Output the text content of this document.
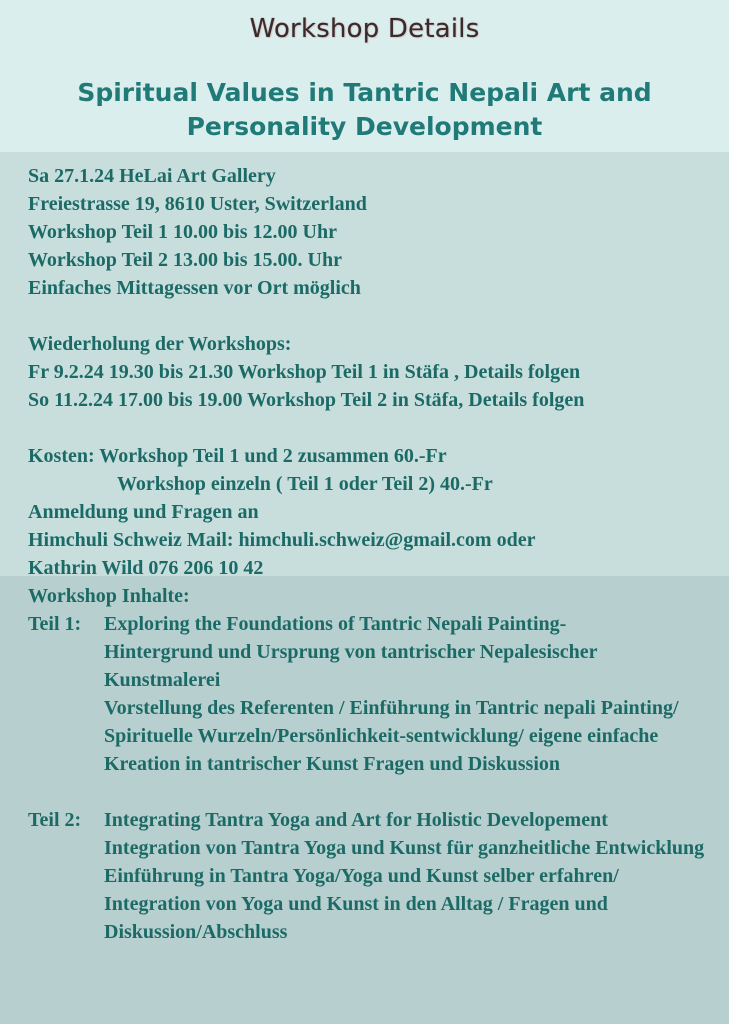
Workshop Details
Spiritual Values in Tantric Nepali Art and
Personality Development
Sa 27.1.24 HeLai Art Gallery
Freiestrasse 19, 8610 Uster, Switzerland
Workshop Teil 1 10.00 bis 12.00 Uhr
Workshop Teil 2 13.00 bis 15.00. Uhr
Einfaches Mittagessen vor Ort möglich
Wiederholung der Workshops:
Fr 9.2.24 19.30 bis 21.30 Workshop Teil 1 in Stäfa , Details folgen
So 11.2.24 17.00 bis 19.00 Workshop Teil 2 in Stäfa, Details folgen
Kosten: Workshop Teil 1 und 2 zusammen 60.-Fr
Workshop einzeln ( Teil 1 oder Teil 2) 40.-Fr
Anmeldung und Fragen an
Himchuli Schweiz Mail: himchuli.schweiz@gmail.com oder
Kathrin Wild 076 206 10 42
Workshop Inhalte:
Teil 1:	Exploring the Foundations of Tantric Nepali Painting-
Hintergrund und Ursprung von tantrischer Nepalesischer Kunstmalerei
Vorstellung des Referenten / Einführung in Tantric nepali Painting/ Spirituelle Wurzeln/Persönlichkeit-sentwicklung/ eigene einfache Kreation in tantrischer Kunst Fragen und Diskussion
Teil 2:	Integrating Tantra Yoga and Art for Holistic Developement
Integration von Tantra Yoga und Kunst für ganzheitliche Entwicklung
Einführung in Tantra Yoga/Yoga und Kunst selber erfahren/ Integration von Yoga und Kunst in den Alltag / Fragen und Diskussion/Abschluss
